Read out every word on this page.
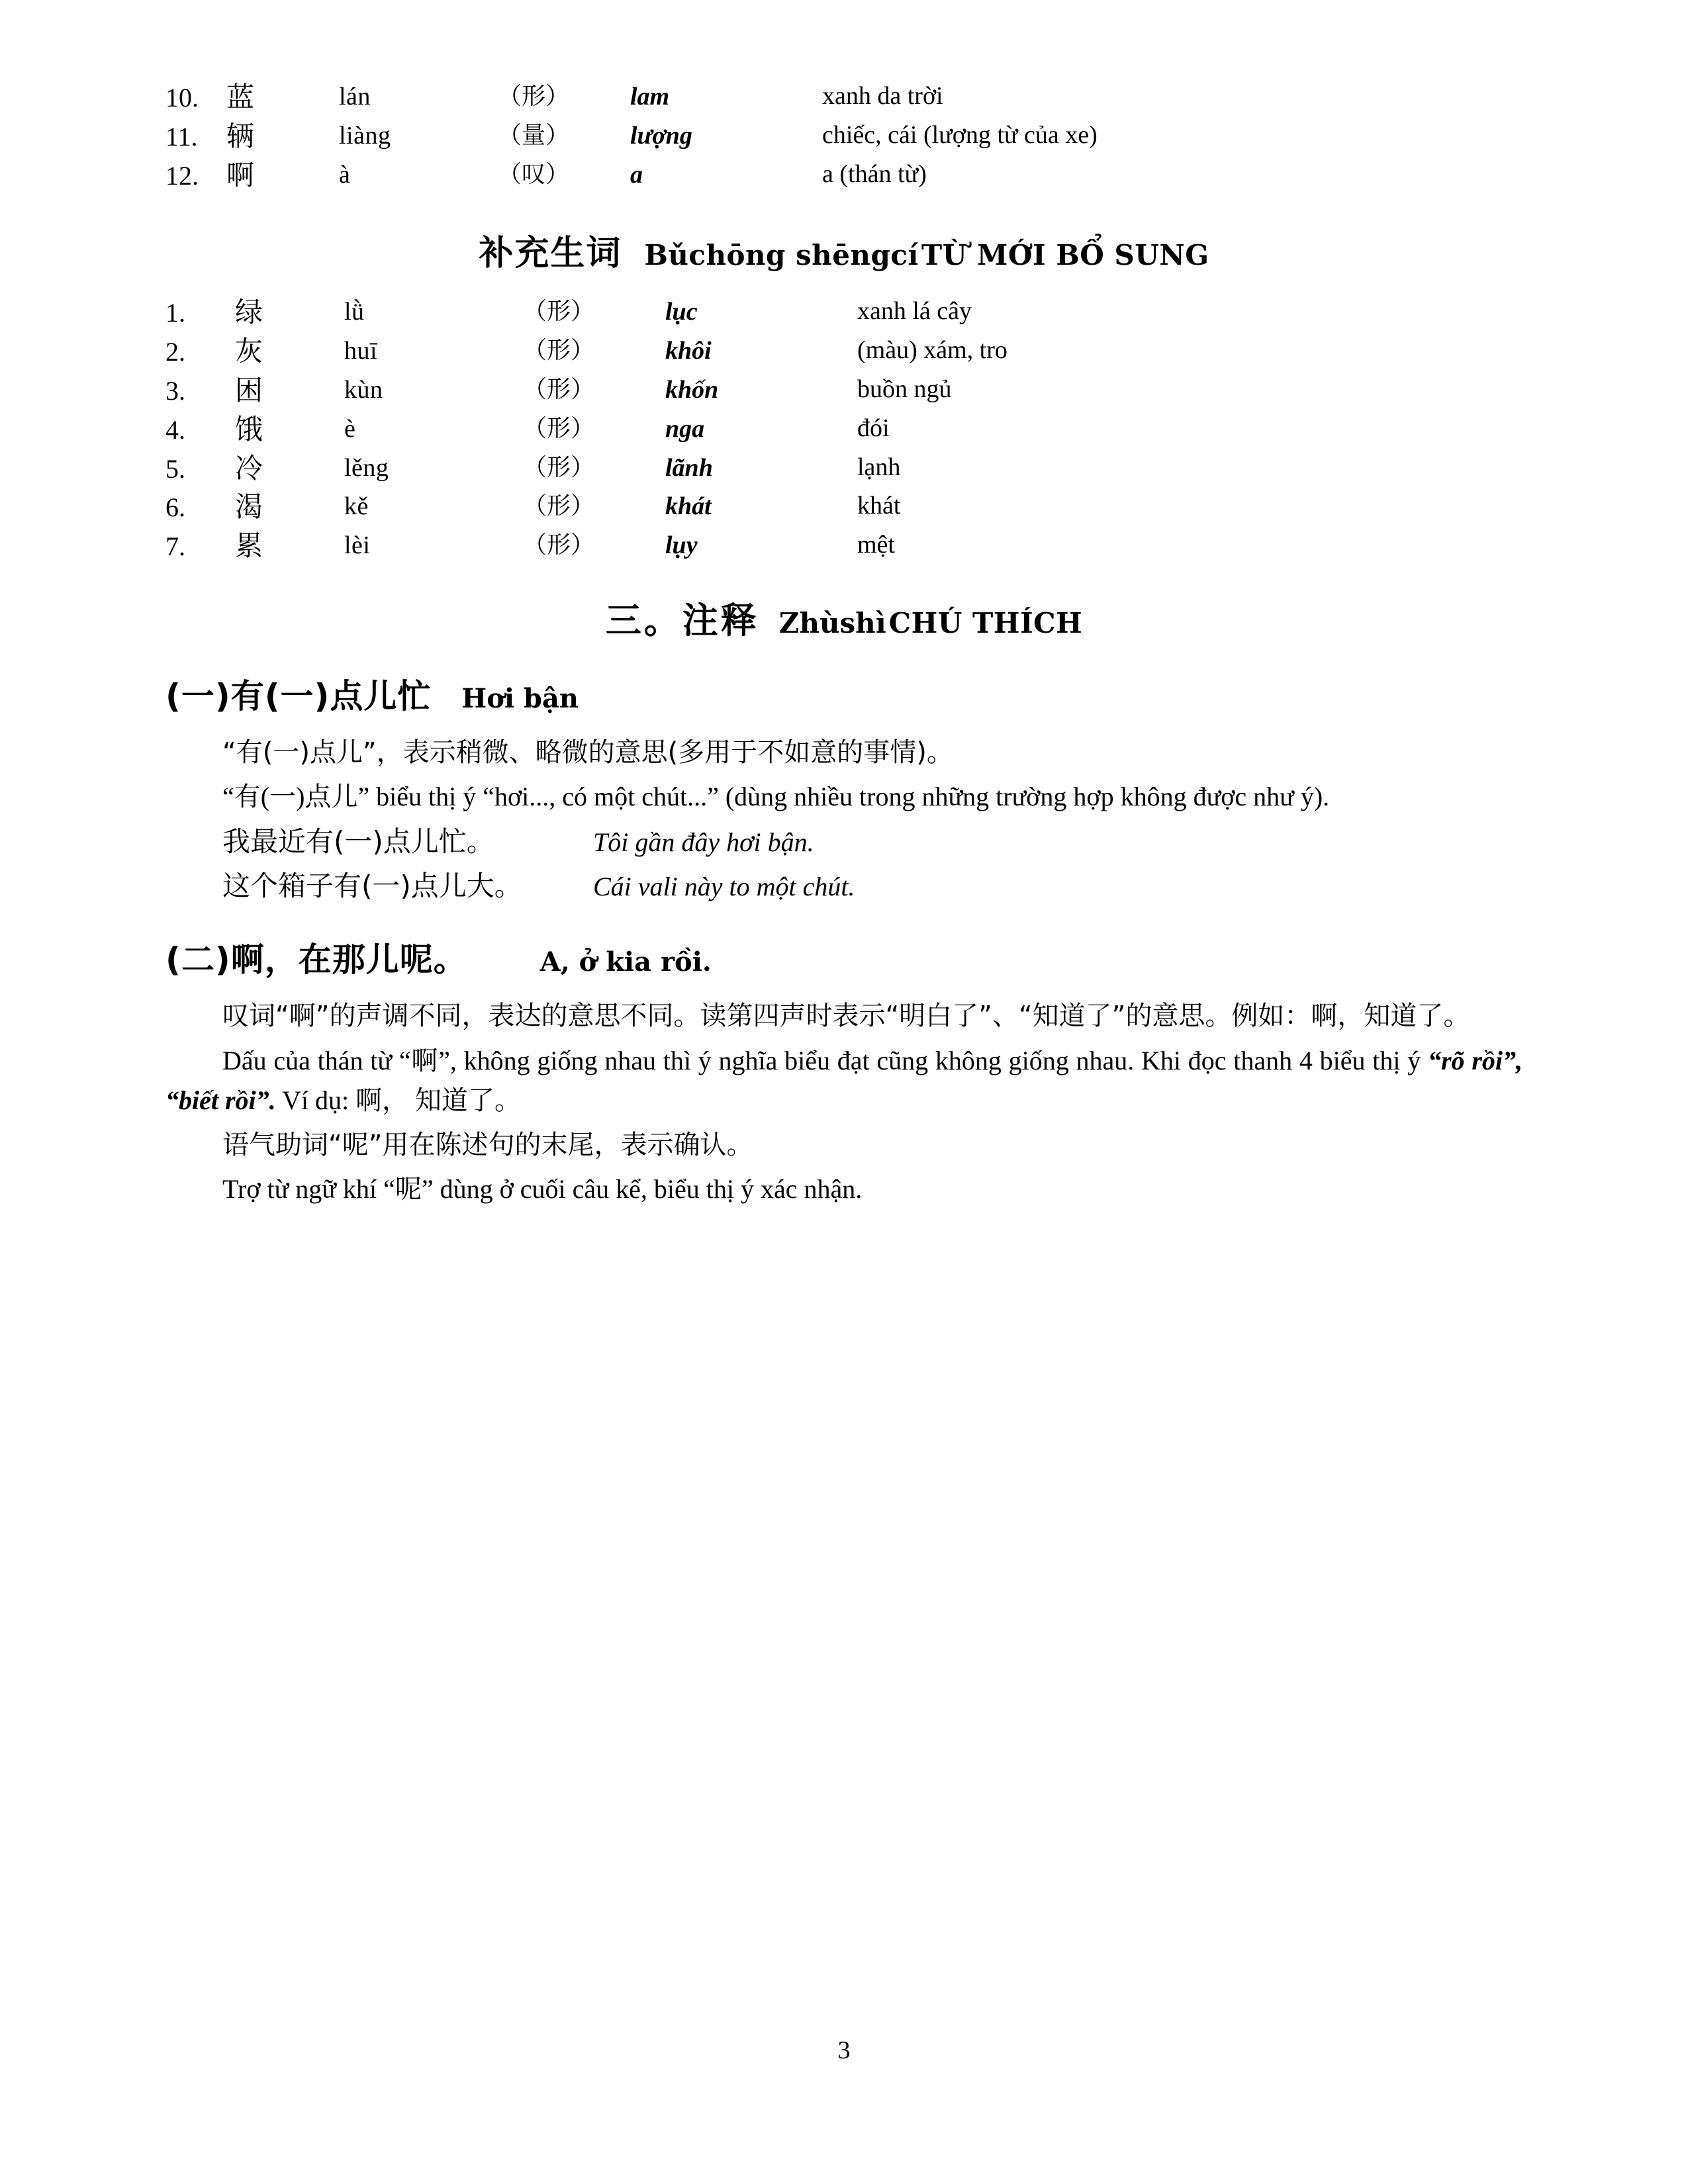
10.	蓝	lán	（形）	lam	xanh da trời
11.	辆	liàng	（量）	lượng	chiếc, cái (lượng từ của xe)
12.	啊	à	（叹）	a	a (thán từ)
补充生词 Bǔchōng shēngcí TỪ MỚI BỔ SUNG
1.	绿	lǜ	（形）	lục	xanh lá cây
2.	灰	huī	（形）	khôi	(màu) xám, tro
3.	困	kùn	（形）	khốn	buồn ngủ
4.	饿	è	（形）	nga	đói
5.	冷	lěng	（形）	lãnh	lạnh
6.	渴	kě	（形）	khát	khát
7.	累	lèi	（形）	lụy	mệt
三。注释 Zhùshì CHÚ THÍCH
(一)有(一)点儿忙 Hơi bận

“有(一)点儿”，表示稍微、略微的意思(多用于不如意的事情)。

“有(一)点儿” biểu thị ý “hơi..., có một chút...” (dùng nhiều trong những trường hợp không được như ý).

我最近有(一)点儿忙。	Tôi gần đây hơi bận.
这个箱子有(一)点儿大。	Cái vali này to một chút.
(二)啊，在那儿呢。	A, ở kia rồi.

叹词“啊”的声调不同，表达的意思不同。读第四声时表示“明白了”、“知道了”的意思。例如：啊，知道了。

Dấu của thán từ “啊”, không giống nhau thì ý nghĩa biểu đạt cũng không giống nhau. Khi đọc thanh 4 biểu thị ý “rõ rồi”, “biết rồi”. Ví dụ: 啊， 知道了。

语气助词“呢”用在陈述句的末尾，表示确认。

Trợ từ ngữ khí “呢” dùng ở cuối câu kể, biểu thị ý xác nhận.

3
